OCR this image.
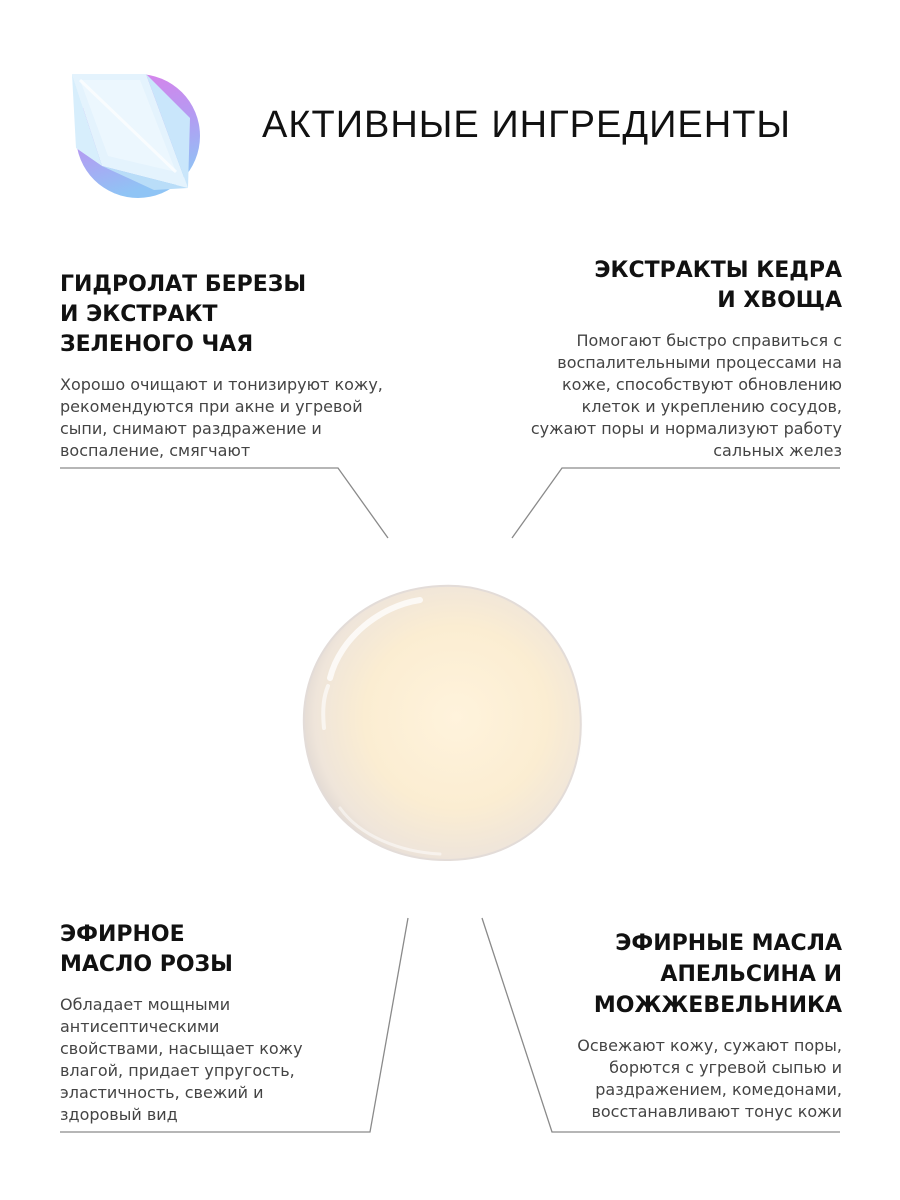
АКТИВНЫЕ ИНГРЕДИЕНТЫ
ГИДРОЛАТ БЕРЕЗЫ
И ЭКСТРАКТ
ЗЕЛЕНОГО ЧАЯ
Хорошо очищают и тонизируют кожу,
рекомендуются при акне и угревой
сыпи, снимают раздражение и
воспаление, смягчают
ЭКСТРАКТЫ КЕДРА
И ХВОЩА
Помогают быстро справиться с
воспалительными процессами на
коже, способствуют обновлению
клеток и укреплению сосудов,
сужают поры и нормализуют работу
сальных желез
ЭФИРНОЕ
МАСЛО РОЗЫ
Обладает мощными
антисептическими
свойствами, насыщает кожу
влагой, придает упругость,
эластичность, свежий и
здоровый вид
ЭФИРНЫЕ МАСЛА
АПЕЛЬСИНА И
МОЖЖЕВЕЛЬНИКА
Освежают кожу, сужают поры,
борются с угревой сыпью и
раздражением, комедонами,
восстанавливают тонус кожи
